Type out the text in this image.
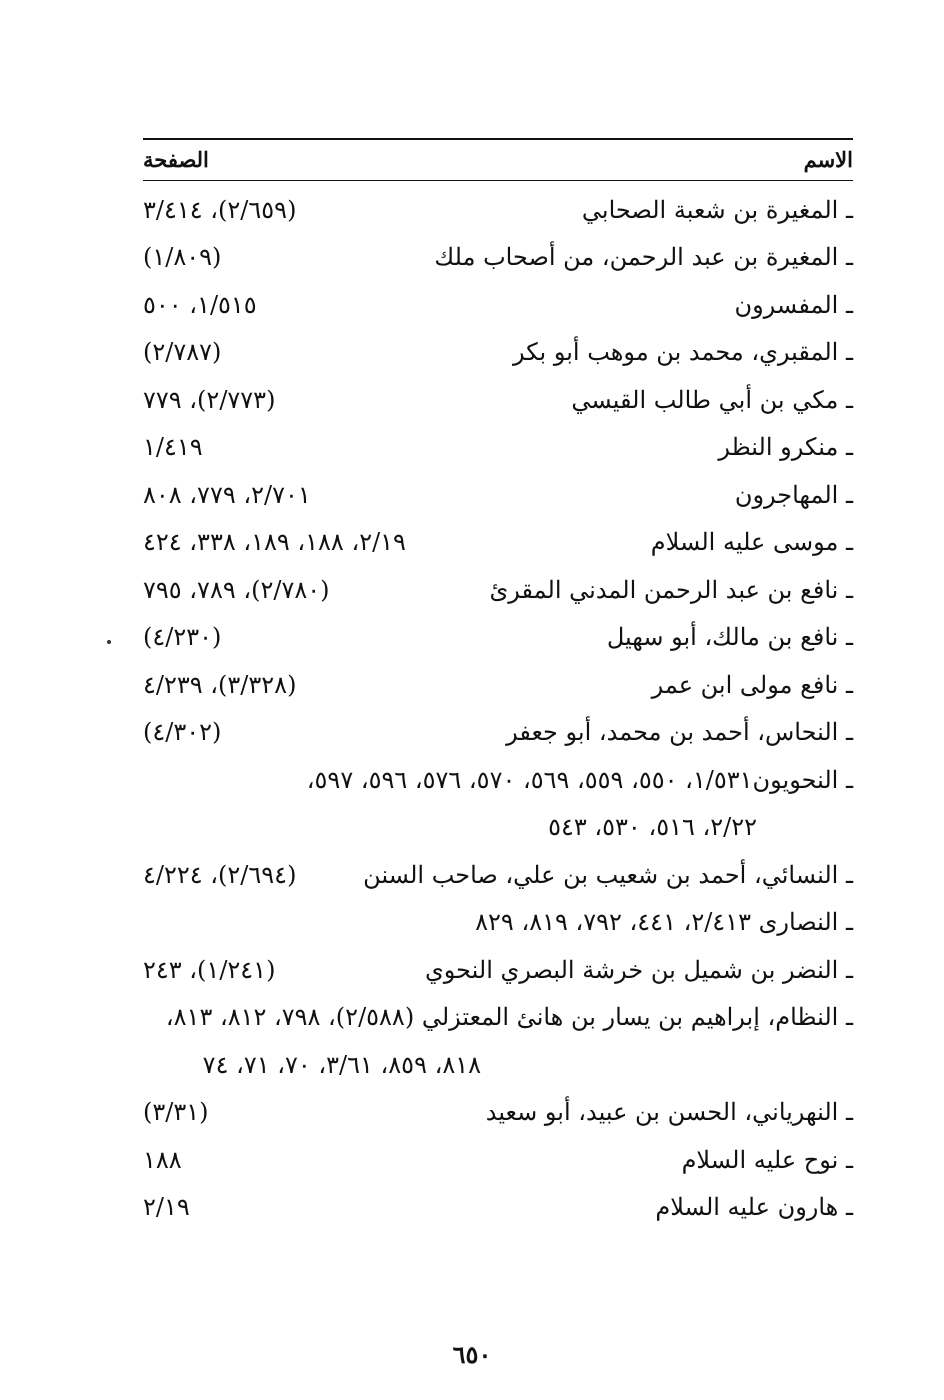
الاسم
الصفحة
ـ المغيرة بن شعبة الصحابي
(٢/٦٥٩)، ٣/٤١٤
ـ المغيرة بن عبد الرحمن، من أصحاب ملك
(١/٨٠٩)
ـ المفسرون
١/٥١٥، ٥٠٠
ـ المقبري، محمد بن موهب أبو بكر
(٢/٧٨٧)
ـ مكي بن أبي طالب القيسي
(٢/٧٧٣)، ٧٧٩
ـ منكرو النظر
١/٤١٩
ـ المهاجرون
٢/٧٠١، ٧٧٩، ٨٠٨
ـ موسى عليه السلام
٢/١٩، ١٨٨، ١٨٩، ٣٣٨، ٤٢٤
ـ نافع بن عبد الرحمن المدني المقرئ
(٢/٧٨٠)، ٧٨٩، ٧٩٥
ـ نافع بن مالك، أبو سهيل
(٤/٢٣٠)
ـ نافع مولى ابن عمر
(٣/٣٢٨)، ٤/٢٣٩
ـ النحاس، أحمد بن محمد، أبو جعفر
(٤/٣٠٢)
ـ النحويون١/٥٣١، ٥٥٠، ٥٥٩، ٥٦٩، ٥٧٠، ٥٧٦، ٥٩٦، ٥٩٧،
٢/٢٢، ٥١٦، ٥٣٠، ٥٤٣
ـ النسائي، أحمد بن شعيب بن علي، صاحب السنن
(٢/٦٩٤)، ٤/٢٢٤
ـ النصارى ٢/٤١٣، ٤٤١، ٧٩٢، ٨١٩، ٨٢٩
ـ النضر بن شميل بن خرشة البصري النحوي
(١/٢٤١)، ٢٤٣
ـ النظام، إبراهيم بن يسار بن هانئ المعتزلي (٢/٥٨٨)، ٧٩٨، ٨١٢، ٨١٣،
٨١٨، ٨٥٩، ٣/٦١، ٧٠، ٧١، ٧٤
ـ النهرياني، الحسن بن عبيد، أبو سعيد
(٣/٣١)
ـ نوح عليه السلام
١٨٨
ـ هارون عليه السلام
٢/١٩
٦٥٠
